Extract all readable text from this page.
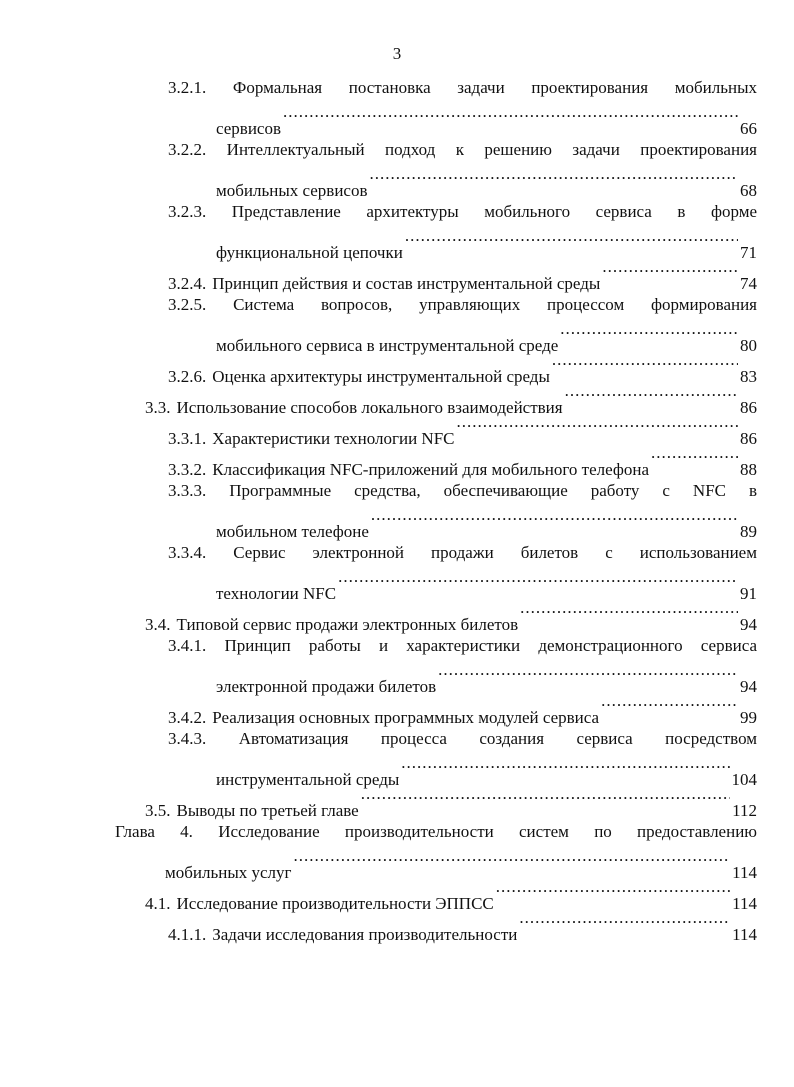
3
3.2.1. Формальная постановка задачи проектирования мобильных
сервисов .....	66
3.2.2. Интеллектуальный подход к решению задачи проектирования
мобильных сервисов .....	68
3.2.3. Представление архитектуры мобильного сервиса в форме
функциональной цепочки .....	71
3.2.4. Принцип действия и состав инструментальной среды .....	74
3.2.5. Система вопросов, управляющих процессом формирования
мобильного сервиса в инструментальной среде .....	80
3.2.6. Оценка архитектуры инструментальной среды .....	83
3.3. Использование способов локального взаимодействия .....	86
3.3.1. Характеристики технологии NFC .....	86
3.3.2. Классификация NFC-приложений для мобильного телефона .....	88
3.3.3. Программные средства, обеспечивающие работу с NFC в
мобильном телефоне .....	89
3.3.4. Сервис электронной продажи билетов с использованием
технологии NFC .....	91
3.4. Типовой сервис продажи электронных билетов .....	94
3.4.1. Принцип работы и характеристики демонстрационного сервиса
электронной продажи билетов .....	94
3.4.2. Реализация основных программных модулей сервиса .....	99
3.4.3. Автоматизация процесса создания сервиса посредством
инструментальной среды .....	104
3.5. Выводы по третьей главе .....	112
Глава 4. Исследование производительности систем по предоставлению
мобильных услуг .....	114
4.1. Исследование производительности ЭППСС .....	114
4.1.1. Задачи исследования производительности .....	114
